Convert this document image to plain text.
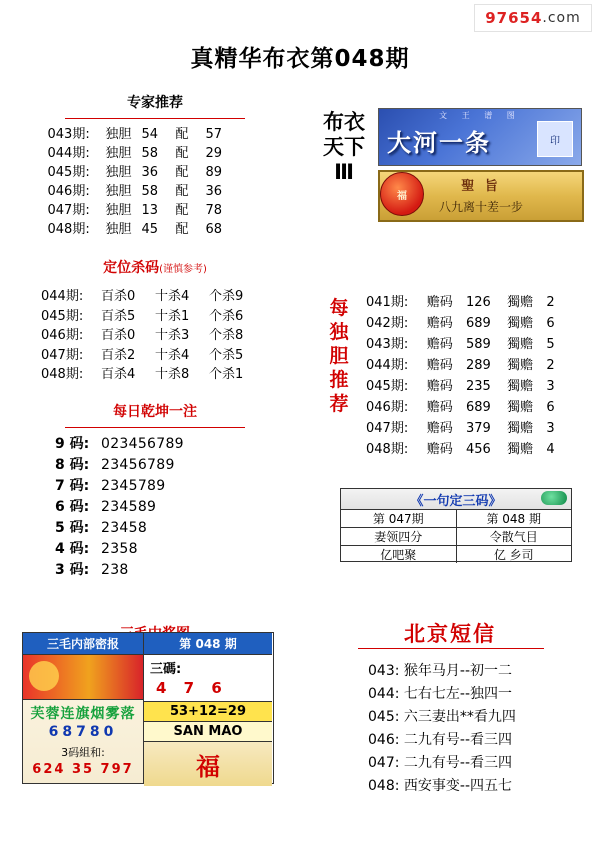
97654 .com
真精华布衣第048期
专家推荐
043期:	独胆 54	配	57
044期:	独胆 58	配	29
045期:	独胆 36	配	89
046期:	独胆 58	配	36
047期:	独胆 13	配	78
048期:	独胆 45	配	68
定位杀码(谨慎参考)
044期:	百杀0	十杀4	个杀9
045期:	百杀5	十杀1	个杀6
046期:	百杀0	十杀3	个杀8
047期:	百杀2	十杀4	个杀5
048期:	百杀4	十杀8	个杀1
每日乾坤一注
9 码: 023456789
8 码: 23456789
7 码: 2345789
6 码: 234589
5 码: 23458
4 码: 2358
3 码: 238
三毛内部密报
芙蓉连旗烟雾落
68780
3码組和:
624 35 797
第 048 期
三碼:
4 7 6
53+12=29
SAN MAO
福
布衣天下Ⅲ
文 王 谱 图
大河一条	印
聖 旨
八九离十差一步
福
每独胆推荐
041期:	赡码	126	獨赡	2
042期:	赡码	689	獨赡	6
043期:	赡码	589	獨赡	5
044期:	赡码	289	獨赡	2
045期:	赡码	235	獨赡	3
046期:	赡码	689	獨赡	6
047期:	赡码	379	獨赡	3
048期:	赡码	456	獨赡	4
《一句定三码》
第 047期	第 048 期
妻领四分	令散气目
亿吧聚	亿 乡司
北京短信
043: 猴年马月--初一二
044: 七右七左--独四一
045: 六三妻出**看九四
046: 二九有号--看三四
047: 二九有号--看三四
048: 西安事变--四五七
